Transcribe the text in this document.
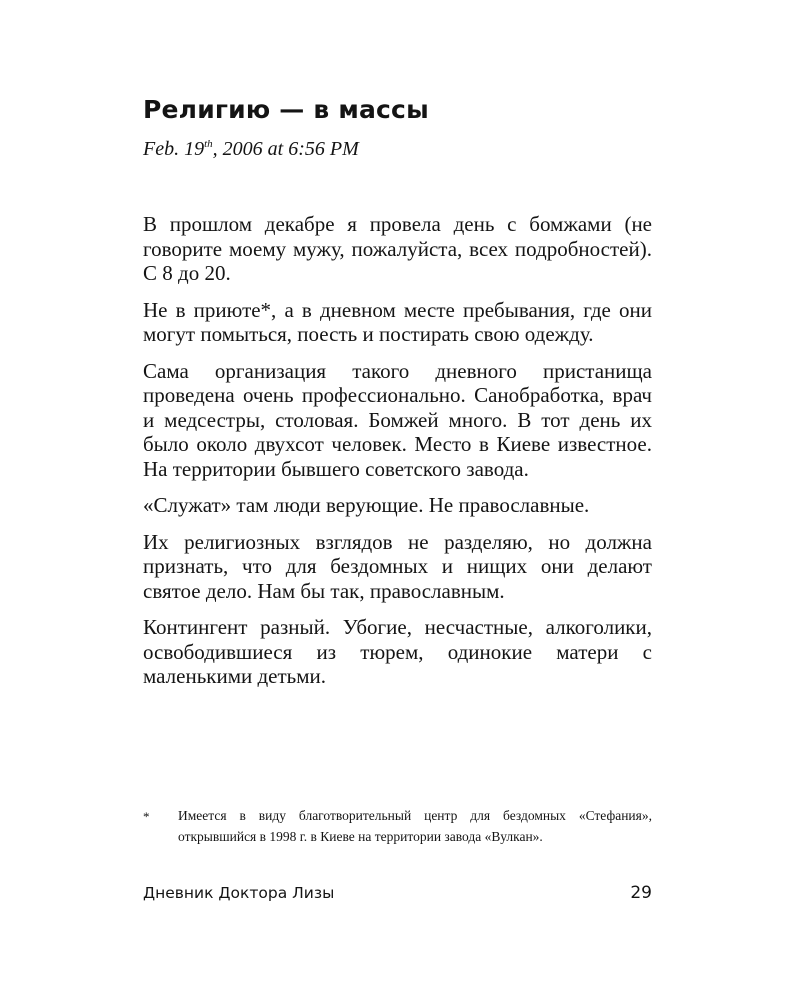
Религию — в массы
Feb. 19th, 2006 at 6:56 PM

В прошлом декабре я провела день с бомжами (не говорите моему мужу, пожалуйста, всех подробностей). С 8 до 20.

Не в приюте*, а в дневном месте пребывания, где они могут помыться, поесть и постирать свою одежду.

Сама организация такого дневного пристанища проведена очень профессионально. Санобработка, врач и медсестры, столовая. Бомжей много. В тот день их было около двухсот человек. Место в Киеве известное. На территории бывшего советского завода.

«Служат» там люди верующие. Не православные.

Их религиозных взглядов не разделяю, но должна признать, что для бездомных и нищих они делают святое дело. Нам бы так, православным.

Контингент разный. Убогие, несчастные, алкоголики, освободившиеся из тюрем, одинокие матери с маленькими детьми.

* Имеется в виду благотворительный центр для бездомных «Стефания», открывшийся в 1998 г. в Киеве на территории завода «Вулкан».
Дневник Доктора Лизы	29
